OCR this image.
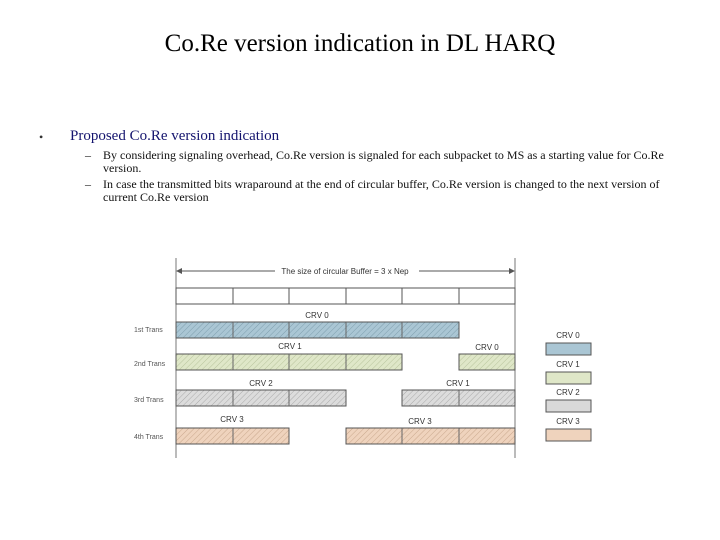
Co.Re version indication in DL HARQ
• Proposed Co.Re version indication
– By considering signaling overhead, Co.Re version is signaled for each subpacket to MS as a starting value for Co.Re version.
– In case the transmitted bits wraparound at the end of circular buffer, Co.Re version is changed to the next version of current Co.Re version
The size of circular Buffer = 3 x Nep
1st Trans
2nd Trans
3rd Trans
4th Trans
CRV 0
CRV 1	CRV 0
CRV 2	CRV 1
CRV 3	CRV 3
CRV 0
CRV 1
CRV 2
CRV 3
